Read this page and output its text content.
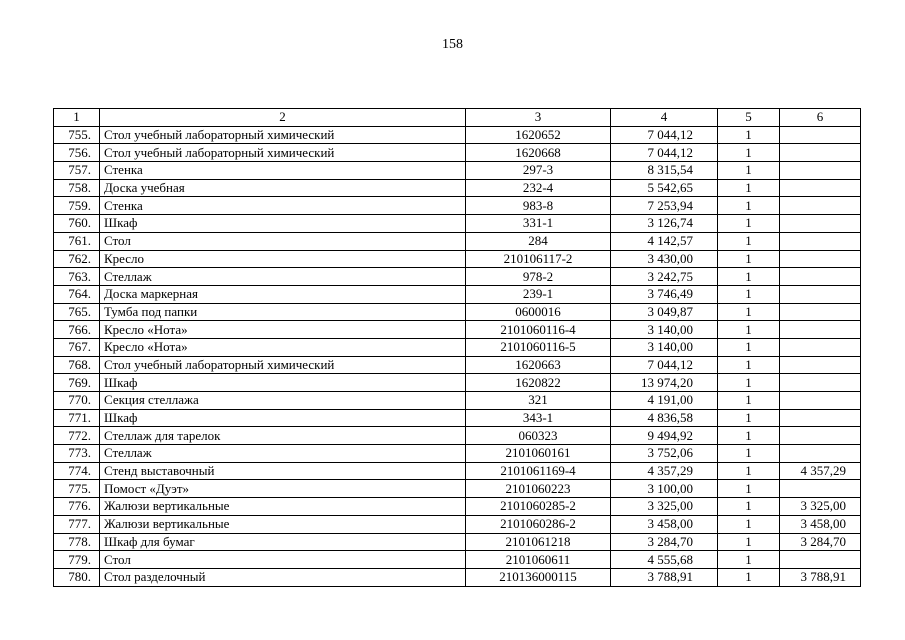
158
1	2	3	4	5	6
755.	Стол учебный лабораторный химический	1620652	7 044,12	1	
756.	Стол учебный лабораторный химический	1620668	7 044,12	1	
757.	Стенка	297-3	8 315,54	1	
758.	Доска учебная	232-4	5 542,65	1	
759.	Стенка	983-8	7 253,94	1	
760.	Шкаф	331-1	3 126,74	1	
761.	Стол	284	4 142,57	1	
762.	Кресло	210106117-2	3 430,00	1	
763.	Стеллаж	978-2	3 242,75	1	
764.	Доска маркерная	239-1	3 746,49	1	
765.	Тумба под папки	0600016	3 049,87	1	
766.	Кресло «Нота»	2101060116-4	3 140,00	1	
767.	Кресло «Нота»	2101060116-5	3 140,00	1	
768.	Стол учебный лабораторный химический	1620663	7 044,12	1	
769.	Шкаф	1620822	13 974,20	1	
770.	Секция стеллажа	321	4 191,00	1	
771.	Шкаф	343-1	4 836,58	1	
772.	Стеллаж для тарелок	060323	9 494,92	1	
773.	Стеллаж	2101060161	3 752,06	1	
774.	Стенд выставочный	2101061169-4	4 357,29	1	4 357,29
775.	Помост «Дуэт»	2101060223	3 100,00	1	
776.	Жалюзи вертикальные	2101060285-2	3 325,00	1	3 325,00
777.	Жалюзи вертикальные	2101060286-2	3 458,00	1	3 458,00
778.	Шкаф для бумаг	2101061218	3 284,70	1	3 284,70
779.	Стол	2101060611	4 555,68	1	
780.	Стол разделочный	210136000115	3 788,91	1	3 788,91
